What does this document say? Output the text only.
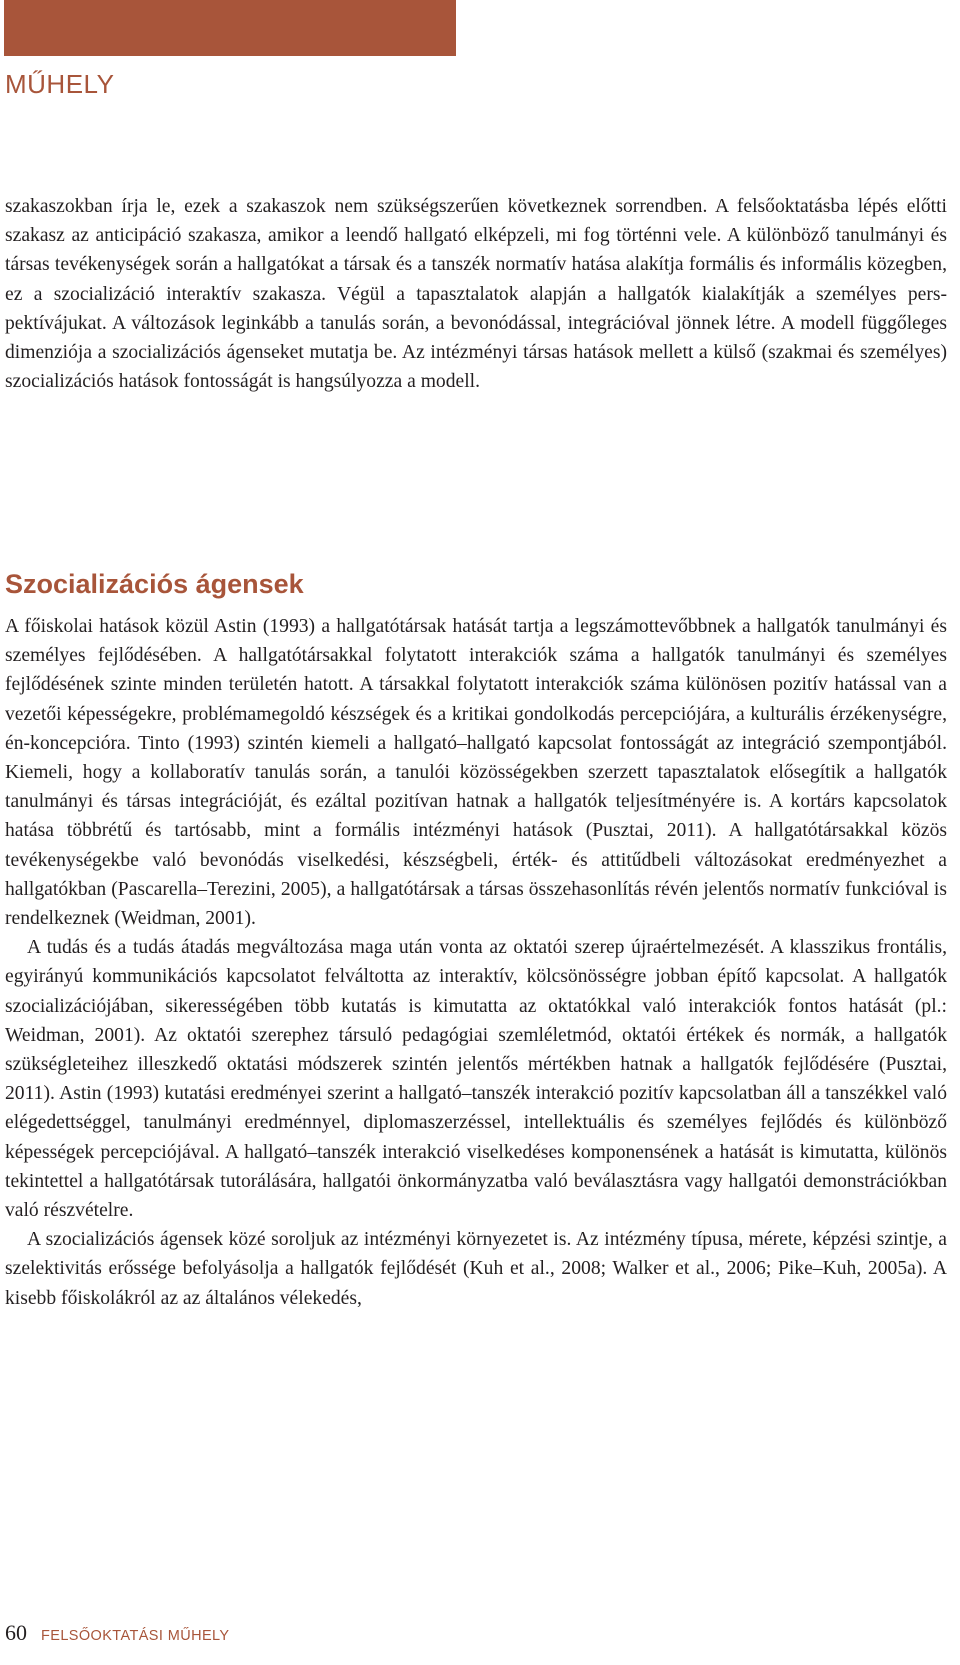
MŰHELY

szakaszokban írja le, ezek a szakaszok nem szükségszerűen következnek sorrendben. A felsőoktatásba lépés előtti szakasz az anticipáció szakasza, amikor a leendő hallgató elképzeli, mi fog történni vele. A különböző tanulmányi és társas tevékenységek során a hallgatókat a társak és a tanszék normatív hatása alakítja formális és informális közegben, ez a szocializáció interaktív szakasza. Végül a tapasztalatok alapján a hallgatók kialakítják a személyes perspektívájukat. A változások leginkább a tanulás során, a bevonódással, integrációval jönnek létre. A modell függőleges dimenziója a szocializációs ágenseket mutatja be. Az intézményi társas hatások mellett a külső (szakmai és személyes) szocializációs hatások fontosságát is hangsúlyozza a modell.

Szocializációs ágensek

A főiskolai hatások közül Astin (1993) a hallgatótársak hatását tartja a legszámottevőbbnek a hallgatók tanulmányi és személyes fejlődésében. A hallgatótársakkal folytatott interakciók száma a hallgatók tanulmányi és személyes fejlődésének szinte minden területén hatott. A társakkal folytatott interakciók száma különösen pozitív hatással van a vezetői képességekre, problémamegoldó készségek és a kritikai gondolkodás percepciójára, a kulturális érzékenységre, én-koncepcióra. Tinto (1993) szintén kiemeli a hallgató–hallgató kapcsolat fontosságát az integráció szempontjából. Kiemeli, hogy a kollaboratív tanulás során, a tanulói közösségekben szerzett tapasztalatok elősegítik a hallgatók tanulmányi és társas integrációját, és ezáltal pozitívan hatnak a hallgatók teljesítményére is. A kortárs kapcsolatok hatása többrétű és tartósabb, mint a formális intézményi hatások (Pusztai, 2011). A hallgatótársakkal közös tevékenységekbe való bevonódás viselkedési, készségbeli, érték- és attitűdbeli változásokat eredményezhet a hallgatókban (Pascarella–Terezini, 2005), a hallgatótársak a társas összehasonlítás révén jelentős normatív funkcióval is rendelkeznek (Weidman, 2001).

A tudás és a tudás átadás megváltozása maga után vonta az oktatói szerep újraértelmezését. A klasszikus frontális, egyirányú kommunikációs kapcsolatot felváltotta az interaktív, kölcsönösségre jobban építő kapcsolat. A hallgatók szocializációjában, sikerességében több kutatás is kimutatta az oktatókkal való interakciók fontos hatását (pl.: Weidman, 2001). Az oktatói szerephez társuló pedagógiai szemléletmód, oktatói értékek és normák, a hallgatók szükségleteihez illeszkedő oktatási módszerek szintén jelentős mértékben hatnak a hallgatók fejlődésére (Pusztai, 2011). Astin (1993) kutatási eredményei szerint a hallgató–tanszék interakció pozitív kapcsolatban áll a tanszékkel való elégedettséggel, tanulmányi eredménnyel, diplomaszerzéssel, intellektuális és személyes fejlődés és különböző képességek percepciójával. A hallgató–tanszék interakció viselkedéses komponensének a hatását is kimutatta, különös tekintettel a hallgatótársak tutorálására, hallgatói önkormányzatba való beválasztásra vagy hallgatói demonstrációkban való részvételre.

A szocializációs ágensek közé soroljuk az intézményi környezetet is. Az intézmény típusa, mérete, képzési szintje, a szelektivitás erőssége befolyásolja a hallgatók fejlődését (Kuh et al., 2008; Walker et al., 2006; Pike–Kuh, 2005a). A kisebb főiskolákról az az általános vélekedés,

60 FELSŐOKTATÁSI MŰHELY
